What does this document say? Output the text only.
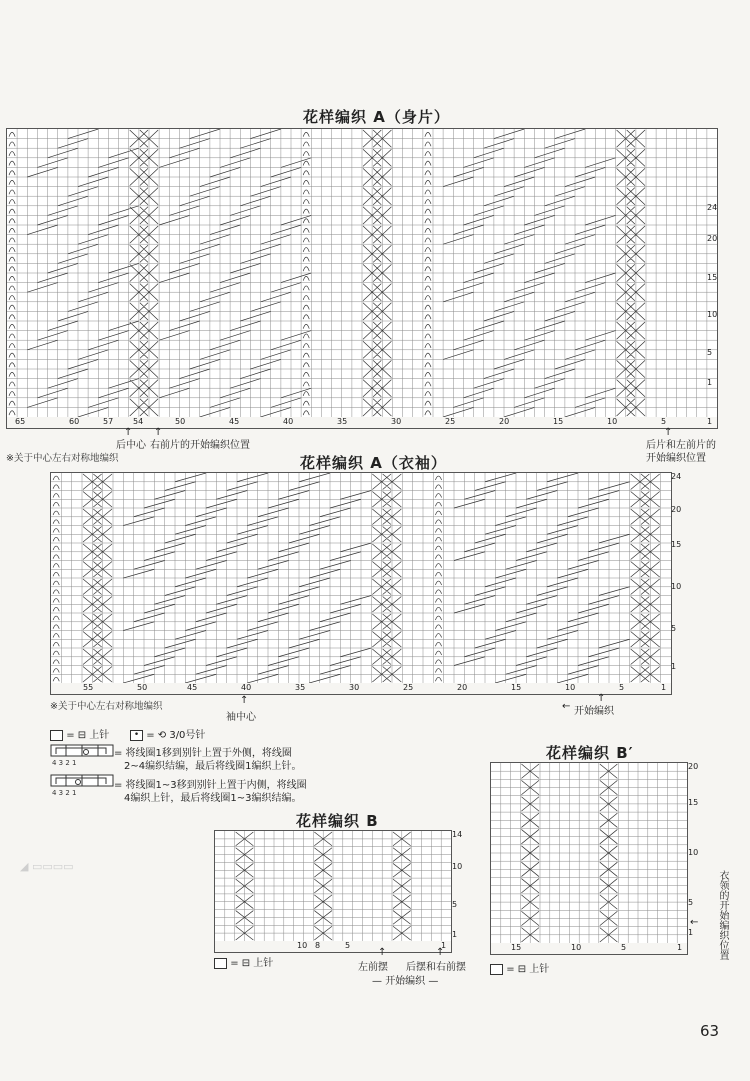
花样编织 A（身片）
24
20
15
10
5
1
65	60	57 54	50	45	40	35	30	25	20	15	10	5	1
↑ ↑	↑
后中心 右前片的开始编织位置	后片和左前片的
开始编织位置
※关于中心左右对称地编织	花样编织 A（衣袖）
24
20
15
10
5
1
55	50	45	40	35	30	25	20	15	10	5	1
※关于中心左右对称地编织
↑
袖中心
开始编织
←
↑
= ⊟ 上针	• = ⟲ 3/0号针
4 3 2 1
= 将线圈1移到别针上置于外侧，将线圈
2~4编织结编，最后将线圈1编织上针。
4 3 2 1
= 将线圈1~3移到别针上置于内侧，将线圈
4编织上针，最后将线圈1~3编织结编。
◢ ▭▭▭▭
花样编织 B
14
10
5
1
10 8	5	1
= ⊟ 上针
↑	↑
左前摆 后摆和右前摆
— 开始编织 —
花样编织 B′
20
15
10
5
1
15	10	5	1
= ⊟ 上针
←	衣领的开始编织位置
63
